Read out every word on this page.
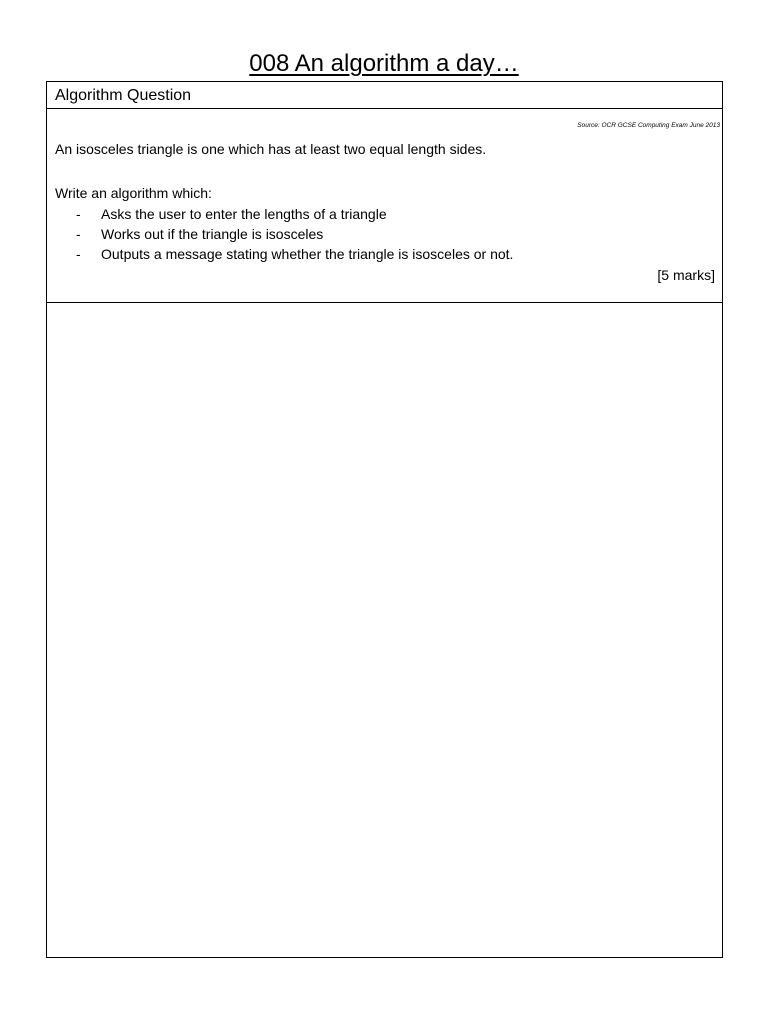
008 An algorithm a day…
Algorithm Question
Source: OCR GCSE Computing Exam June 2013
An isosceles triangle is one which has at least two equal length sides.
Write an algorithm which:
- Asks the user to enter the lengths of a triangle
- Works out if the triangle is isosceles
- Outputs a message stating whether the triangle is isosceles or not.
[5 marks]
